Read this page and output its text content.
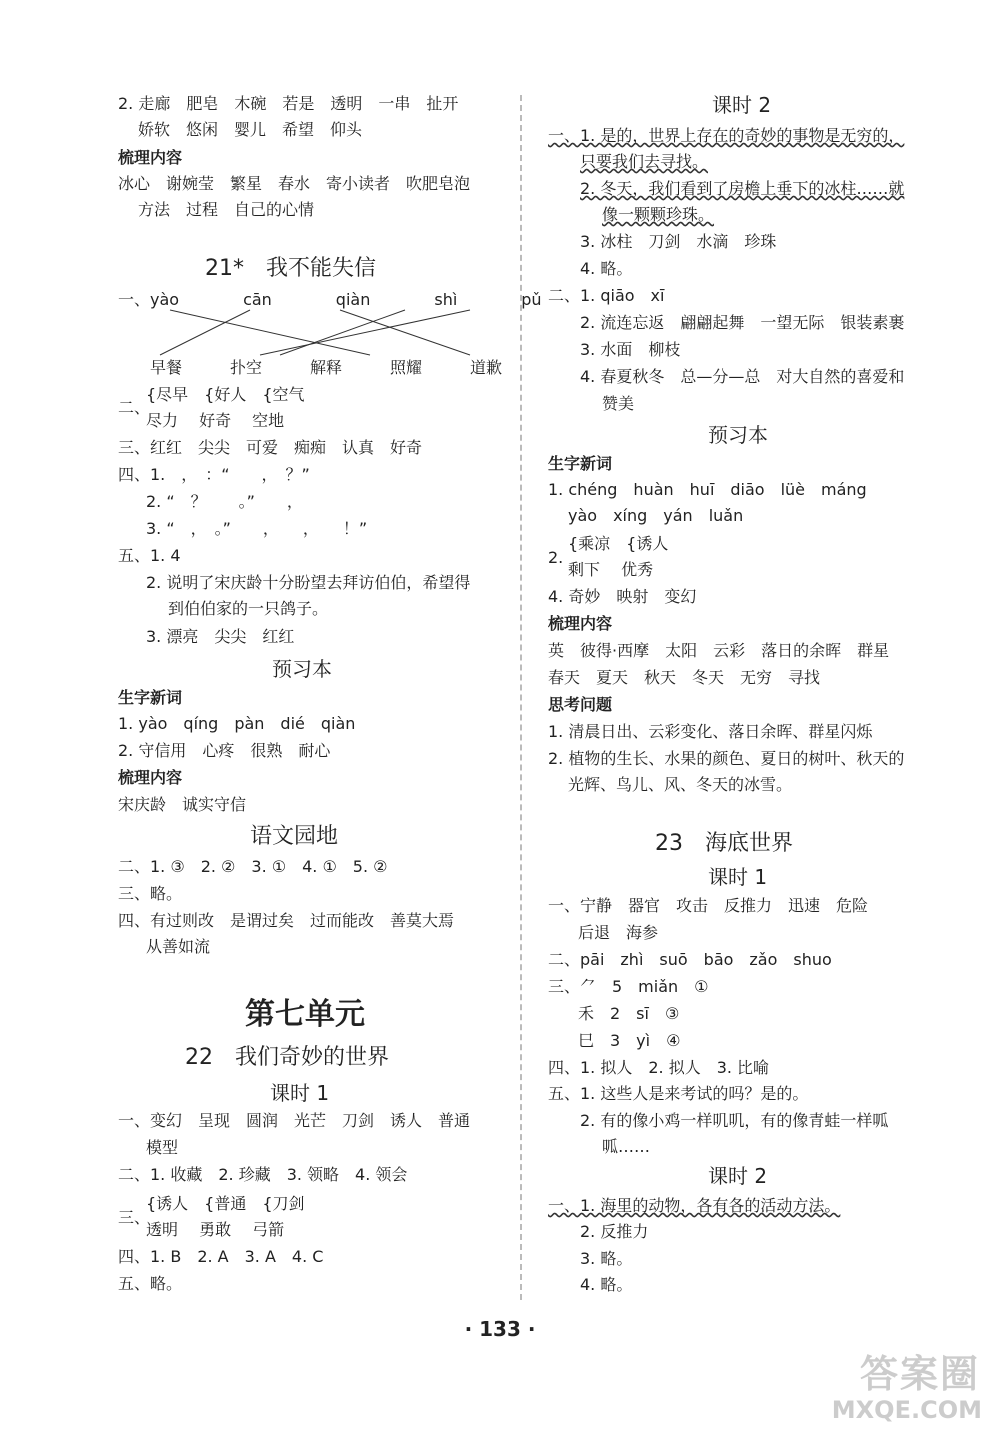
2. 走廊　肥皂　木碗　若是　透明　一串　扯开
娇软　悠闲　婴儿　希望　仰头
梳理内容
冰心　谢婉莹　繁星　春水　寄小读者　吹肥皂泡
方法　过程　自己的心情
21*　我不能失信
一、yào　　　　cān　　　　qiàn　　　　shì　　　　pǔ
早餐　　　扑空　　　解释　　　照耀　　　道歉
二、
{尽早　{好人　{空气
尽力　 好奇　 空地
三、红红　尖尖　可爱　痴痴　认真　好奇
四、1.　，　：“　　，　？”
2. “　？　　。”　　，
3. “　，　。”　　，　　，　　！”
五、1. 4
2. 说明了宋庆龄十分盼望去拜访伯伯，希望得
到伯伯家的一只鸽子。
3. 漂亮　尖尖　红红
预习本
生字新词
1. yào　qíng　pàn　dié　qiàn
2. 守信用　心疼　很熟　耐心
梳理内容
宋庆龄　诚实守信
语文园地
二、1. ③　2. ②　3. ①　4. ①　5. ②
三、略。
四、有过则改　是谓过矣　过而能改　善莫大焉
从善如流
第七单元
22　我们奇妙的世界
课时 1
一、变幻　呈现　圆润　光芒　刀剑　诱人　普通
模型
二、1. 收藏　2. 珍藏　3. 领略　4. 领会
三、
{诱人　{普通　{刀剑
透明　 勇敢　 弓箭
四、1. B　2. A　3. A　4. C
五、略。
课时 2
一、1. 是的，世界上存在的奇妙的事物是无穷的，
只要我们去寻找。
2. 冬天，我们看到了房檐上垂下的冰柱……就
像一颗颗珍珠。
3. 冰柱　刀剑　水滴　珍珠
4. 略。
二、1. qiāo　xī
2. 流连忘返　翩翩起舞　一望无际　银装素裹
3. 水面　柳枝
4. 春夏秋冬　总—分—总　对大自然的喜爱和
赞美
预习本
生字新词
1. chéng　huàn　huī　diāo　lüè　máng
yào　xíng　yán　luǎn
2.
{乘凉　{诱人
剩下　 优秀
4. 奇妙　映射　变幻
梳理内容
英　彼得·西摩　太阳　云彩　落日的余晖　群星
春天　夏天　秋天　冬天　无穷　寻找
思考问题
1. 清晨日出、云彩变化、落日余晖、群星闪烁
2. 植物的生长、水果的颜色、夏日的树叶、秋天的
光辉、鸟儿、风、冬天的冰雪。
23　海底世界
课时 1
一、宁静　器官　攻击　反推力　迅速　危险
后退　海参
二、pāi　zhì　suō　bāo　zǎo　shuo
三、⺈　5　miǎn　①
禾　2　sī　③
巳　3　yì　④
四、1. 拟人　2. 拟人　3. 比喻
五、1. 这些人是来考试的吗？是的。
2. 有的像小鸡一样叽叽，有的像青蛙一样呱
呱……
课时 2
一、1. 海里的动物，各有各的活动方法。
2. 反推力
3. 略。
4. 略。
· 133 ·
答案圈
MXQE.COM
